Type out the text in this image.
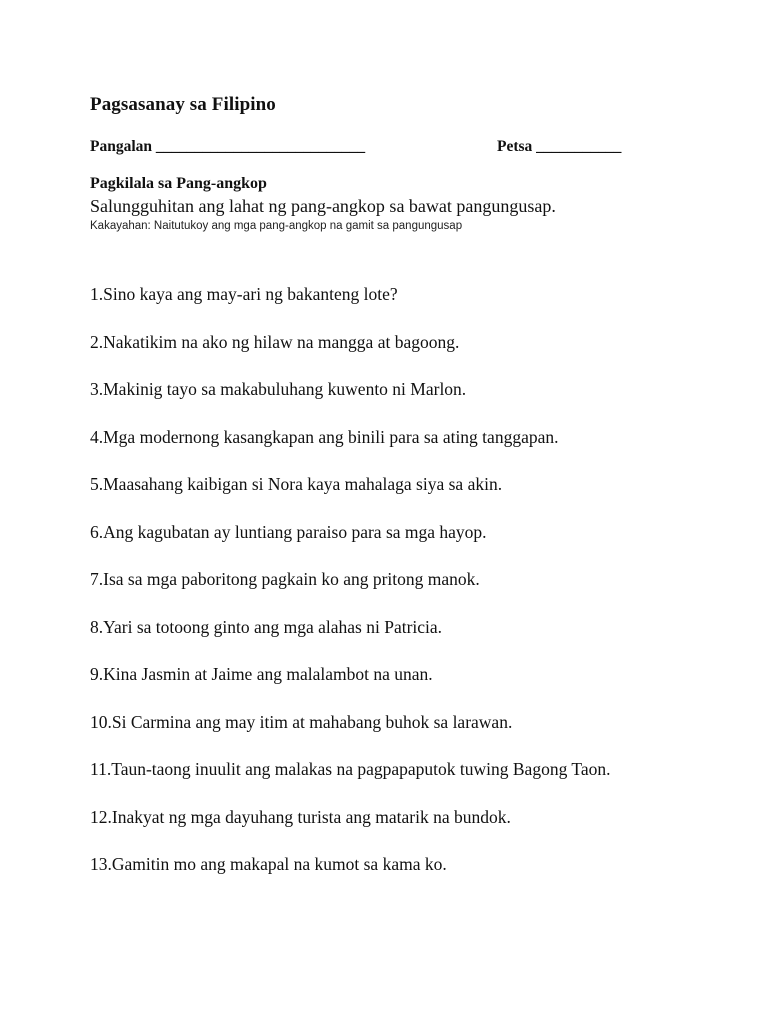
Pagsasanay sa Filipino
Pangalan ___________________________	Petsa ___________
Pagkilala sa Pang-angkop
Salungguhitan ang lahat ng pang-angkop sa bawat pangungusap.
Kakayahan: Naitutukoy ang mga pang-angkop na gamit sa pangungusap
1.Sino kaya ang may-ari ng bakanteng lote?
2.Nakatikim na ako ng hilaw na mangga at bagoong.
3.Makinig tayo sa makabuluhang kuwento ni Marlon.
4.Mga modernong kasangkapan ang binili para sa ating tanggapan.
5.Maasahang kaibigan si Nora kaya mahalaga siya sa akin.
6.Ang kagubatan ay luntiang paraiso para sa mga hayop.
7.Isa sa mga paboritong pagkain ko ang pritong manok.
8.Yari sa totoong ginto ang mga alahas ni Patricia.
9.Kina Jasmin at Jaime ang malalambot na unan.
10.Si Carmina ang may itim at mahabang buhok sa larawan.
11.Taun-taong inuulit ang malakas na pagpapaputok tuwing Bagong Taon.
12.Inakyat ng mga dayuhang turista ang matarik na bundok.
13.Gamitin mo ang makapal na kumot sa kama ko.
